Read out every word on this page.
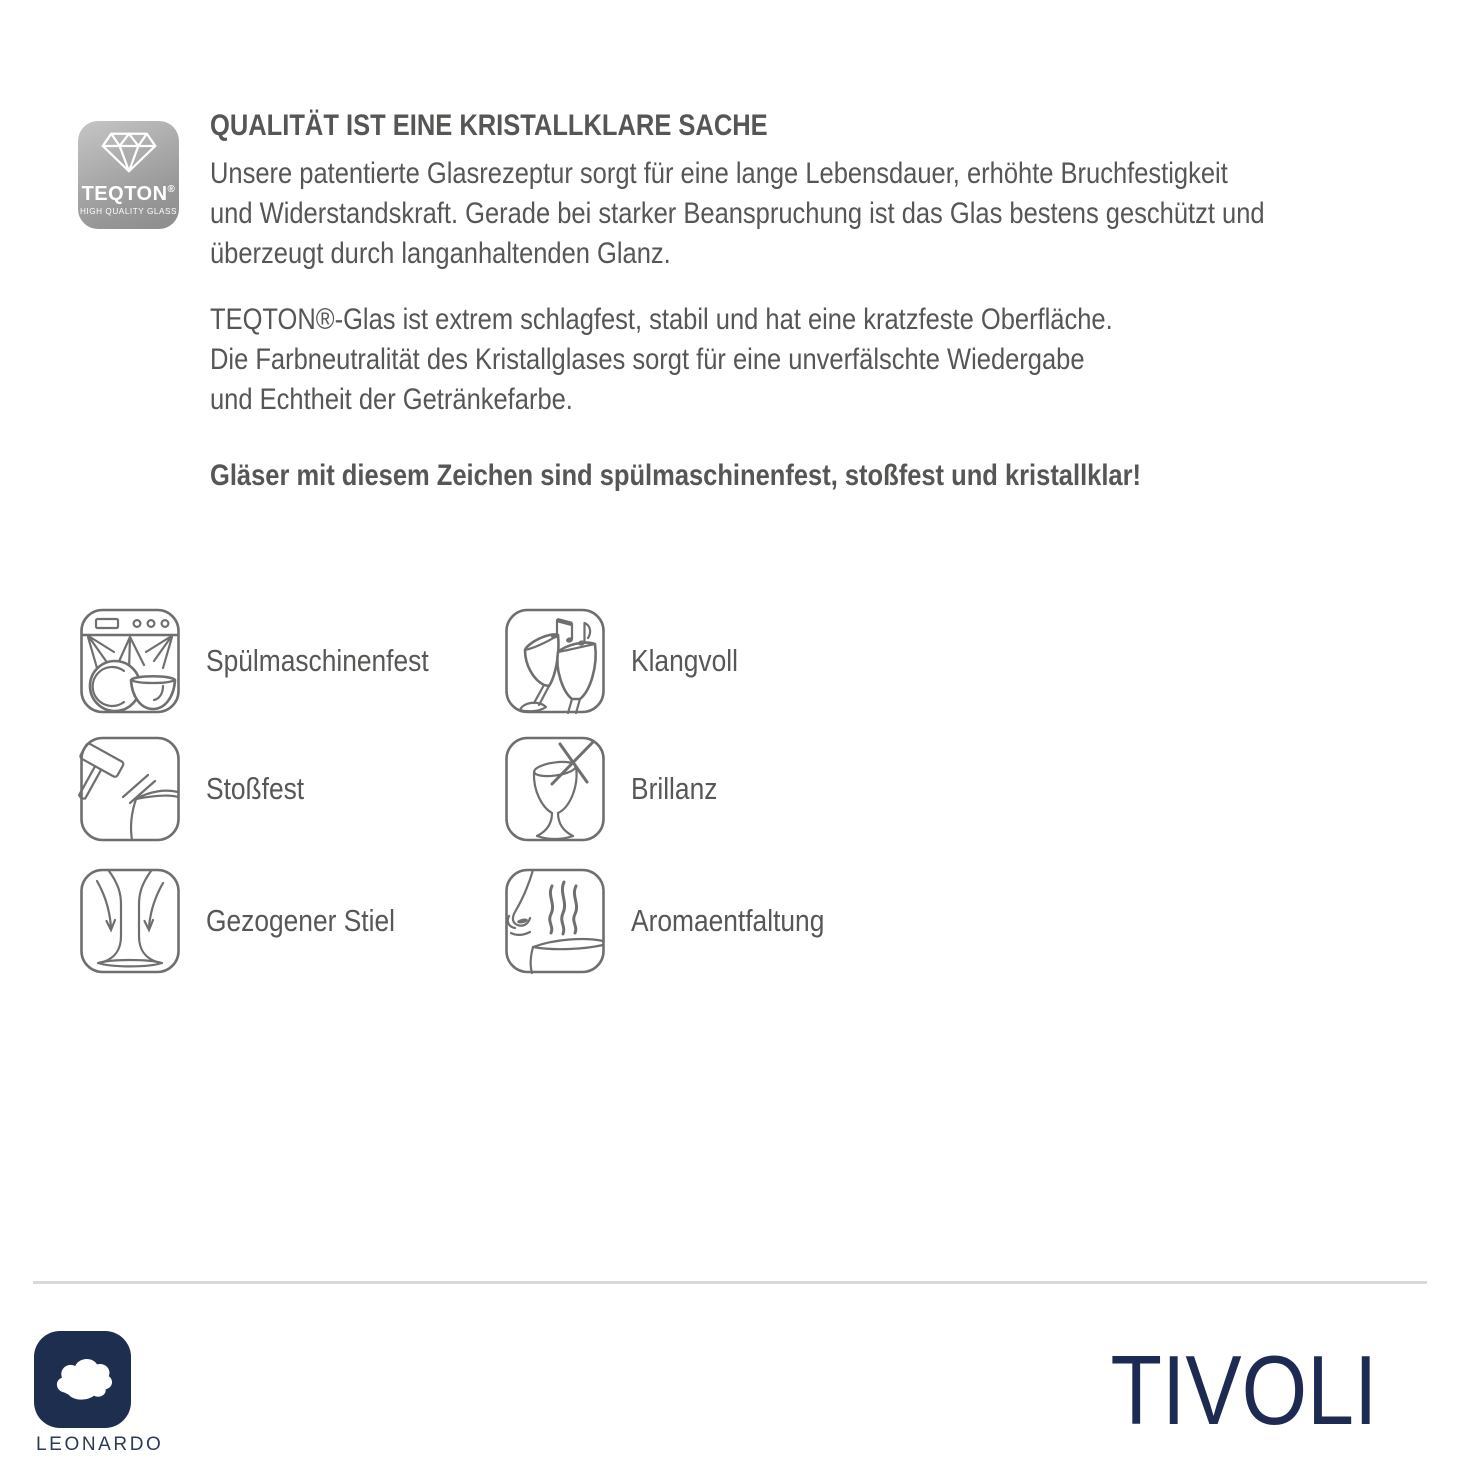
TEQTON®
HIGH QUALITY GLASS
QUALITÄT IST EINE KRISTALLKLARE SACHE
Unsere patentierte Glasrezeptur sorgt für eine lange Lebensdauer, erhöhte Bruchfestigkeit
und Widerstandskraft. Gerade bei starker Beanspruchung ist das Glas bestens geschützt und
überzeugt durch langanhaltenden Glanz.
TEQTON®-Glas ist extrem schlagfest, stabil und hat eine kratzfeste Oberfläche.
Die Farbneutralität des Kristallglases sorgt für eine unverfälschte Wiedergabe
und Echtheit der Getränkefarbe.
Gläser mit diesem Zeichen sind spülmaschinenfest, stoßfest und kristallklar!
Spülmaschinenfest	Klangvoll
Stoßfest	Brillanz
Gezogener Stiel	Aromaentfaltung
LEONARDO	TIVOLI
